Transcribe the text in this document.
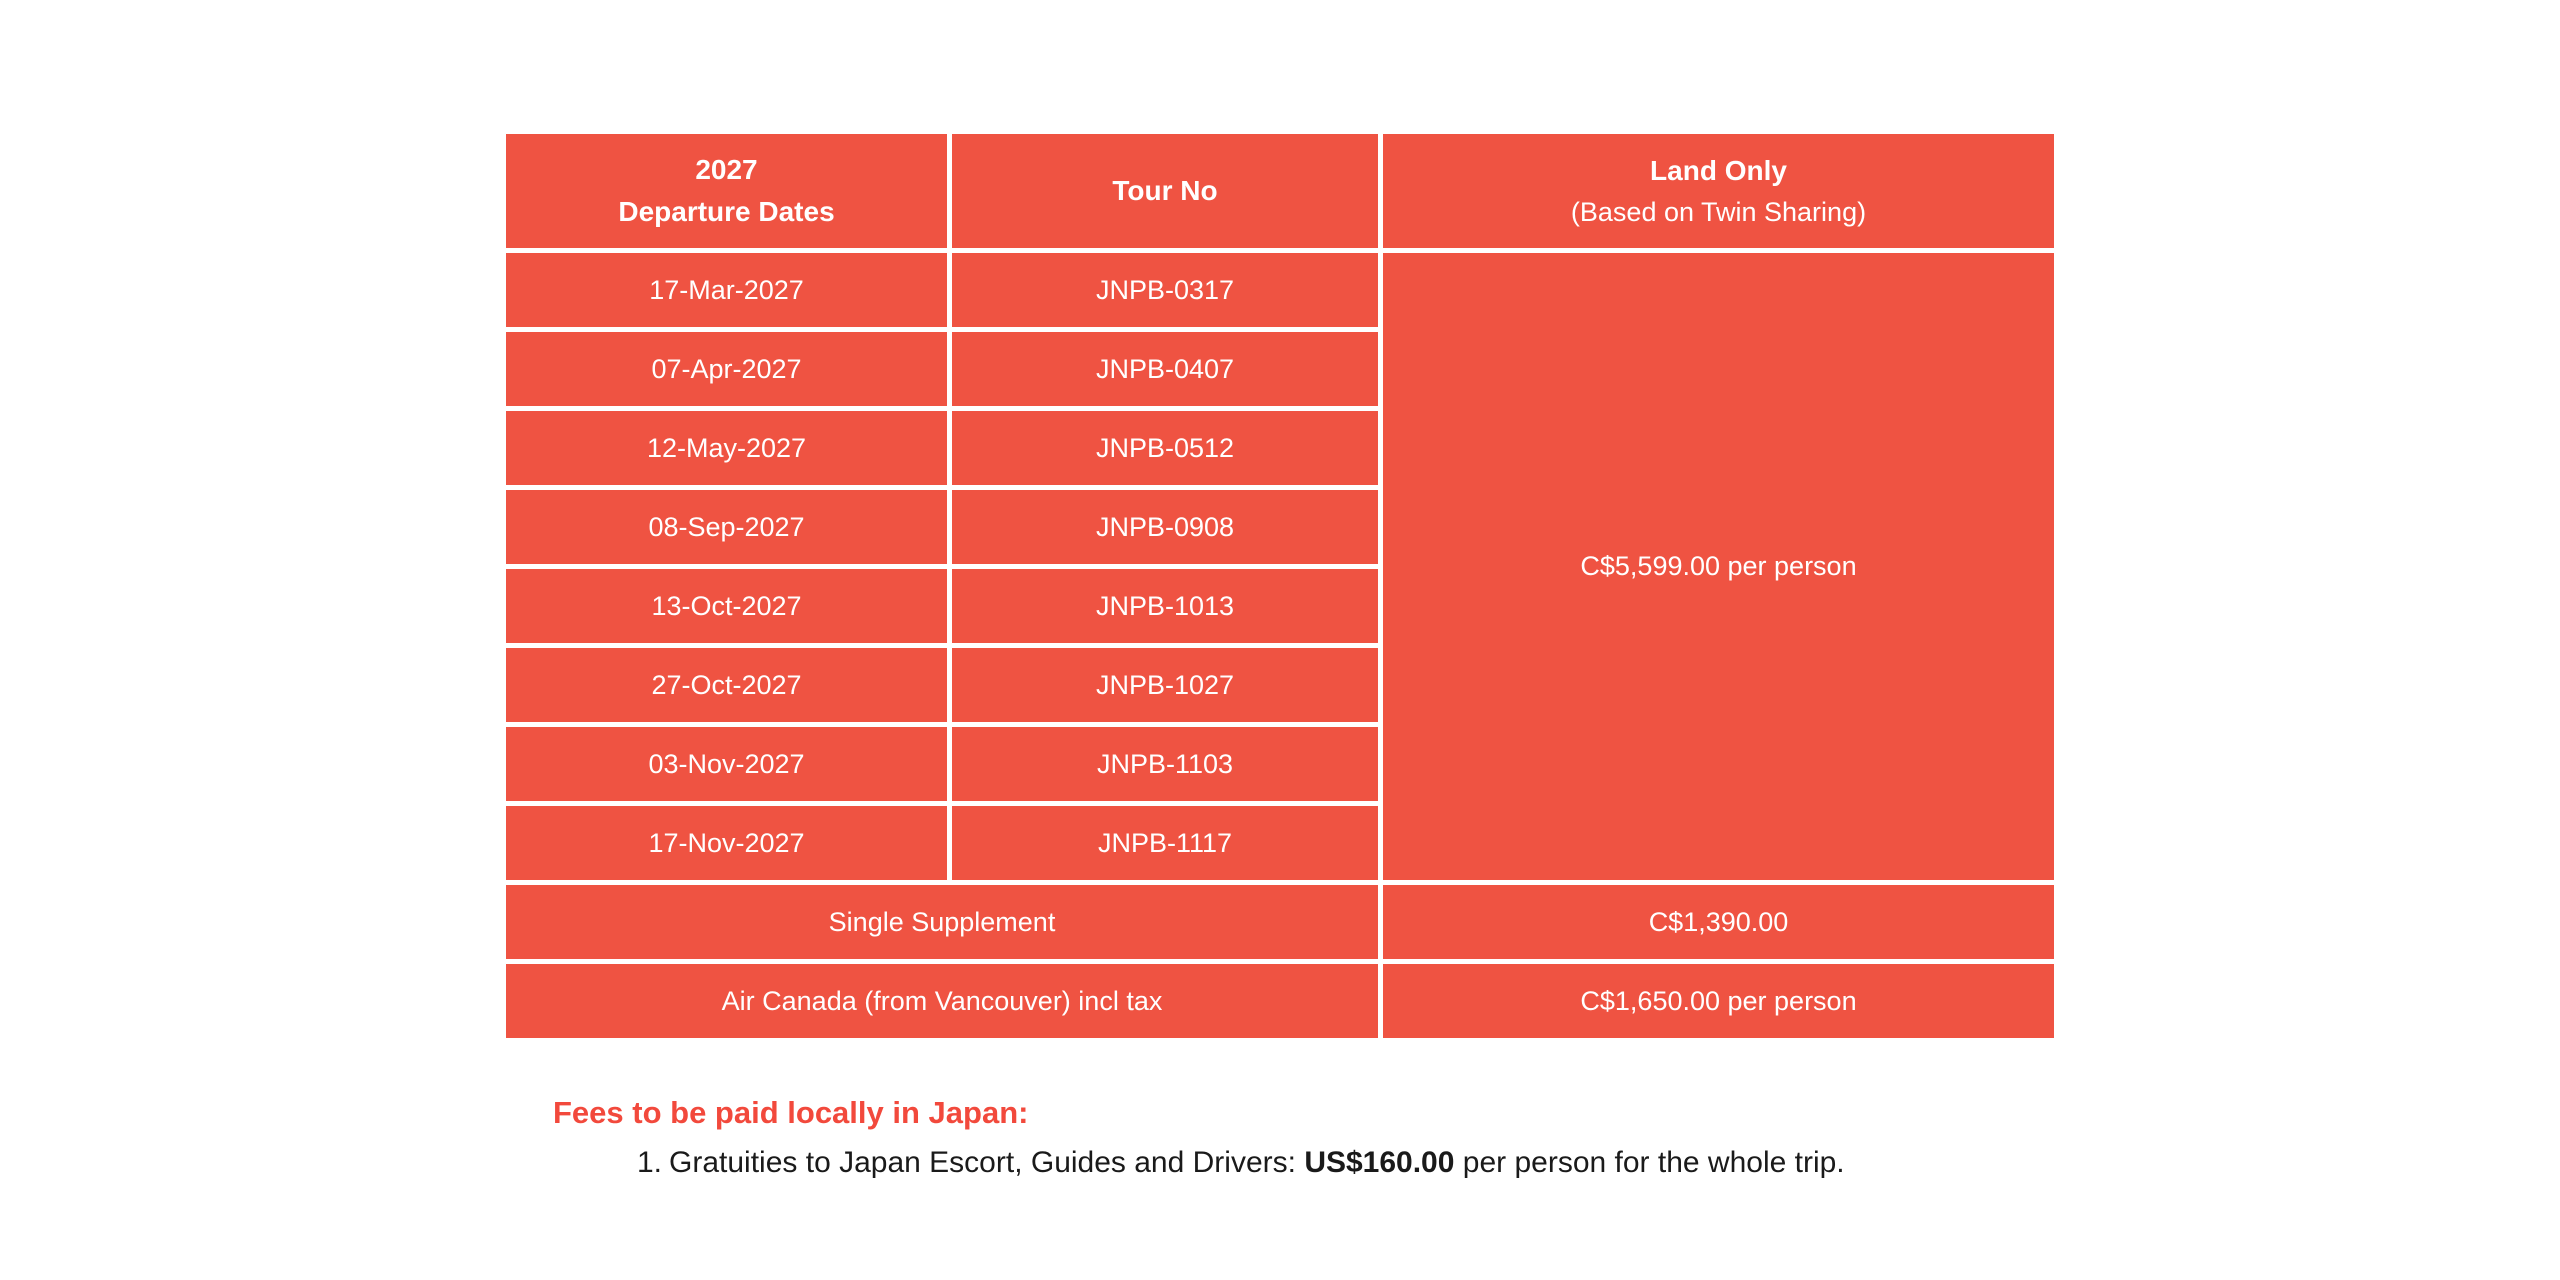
2027
Departure Dates	Tour No	Land Only
(Based on Twin Sharing)

17-Mar-2027	JNPB-0317	C$5,599.00 per person
07-Apr-2027	JNPB-0407	
12-May-2027	JNPB-0512	
08-Sep-2027	JNPB-0908	
13-Oct-2027	JNPB-1013	
27-Oct-2027	JNPB-1027	
03-Nov-2027	JNPB-1103	
17-Nov-2027	JNPB-1117	
Single Supplement		C$1,390.00
Air Canada (from Vancouver) incl tax		C$1,650.00 per person
Fees to be paid locally in Japan:
1. Gratuities to Japan Escort, Guides and Drivers: US$160.00 per person for the whole trip.
